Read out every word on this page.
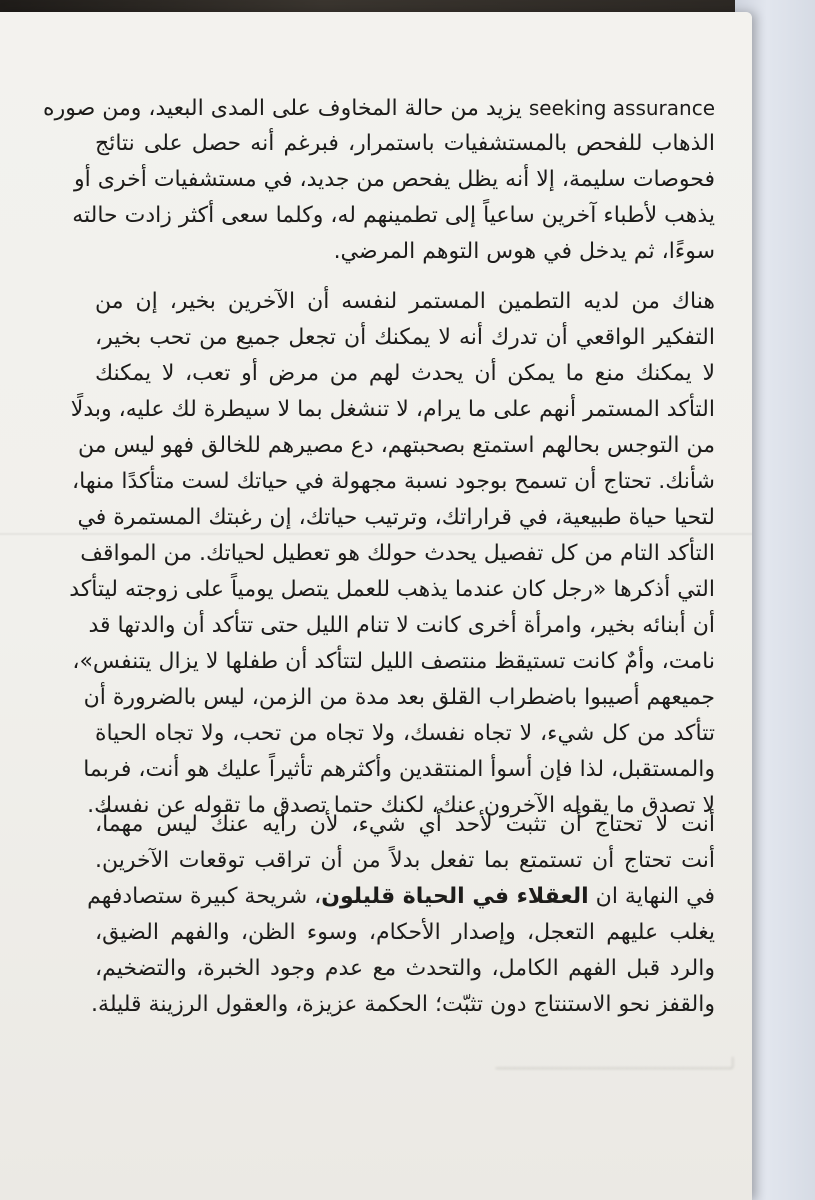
seeking assurance يزيد من حالة المخاوف على المدى البعيد، ومن صوره
الذهاب للفحص بالمستشفيات باستمرار، فبرغم أنه حصل على نتائج
فحوصات سليمة، إلا أنه يظل يفحص من جديد، في مستشفيات أخرى أو
يذهب لأطباء آخرين ساعياً إلى تطمينهم له، وكلما سعى أكثر زادت حالته
سوءًا، ثم يدخل في هوس التوهم المرضي.
هناك من لديه التطمين المستمر لنفسه أن الآخرين بخير، إن من
التفكير الواقعي أن تدرك أنه لا يمكنك أن تجعل جميع من تحب بخير،
لا يمكنك منع ما يمكن أن يحدث لهم من مرض أو تعب، لا يمكنك
التأكد المستمر أنهم على ما يرام، لا تنشغل بما لا سيطرة لك عليه، وبدلًا
من التوجس بحالهم استمتع بصحبتهم، دع مصيرهم للخالق فهو ليس من
شأنك. تحتاج أن تسمح بوجود نسبة مجهولة في حياتك لست متأكدًا منها،
لتحيا حياة طبيعية، في قراراتك، وترتيب حياتك، إن رغبتك المستمرة في
التأكد التام من كل تفصيل يحدث حولك هو تعطيل لحياتك. من المواقف
التي أذكرها «رجل كان عندما يذهب للعمل يتصل يومياً على زوجته ليتأكد
أن أبنائه بخير، وامرأة أخرى كانت لا تنام الليل حتى تتأكد أن والدتها قد
نامت، وأمٌ كانت تستيقظ منتصف الليل لتتأكد أن طفلها لا يزال يتنفس»،
جميعهم أصيبوا باضطراب القلق بعد مدة من الزمن، ليس بالضرورة أن
تتأكد من كل شيء، لا تجاه نفسك، ولا تجاه من تحب، ولا تجاه الحياة
والمستقبل، لذا فإن أسوأ المنتقدين وأكثرهم تأثيراً عليك هو أنت، فربما
لا تصدق ما يقوله الآخرون عنك، لكنك حتما تصدق ما تقوله عن نفسك.
أنت لا تحتاج أن تثبت لأحد أي شيء، لأن رأيه عنك ليس مهماً،
أنت تحتاج أن تستمتع بما تفعل بدلاً من أن تراقب توقعات الآخرين.
في النهاية ان العقلاء في الحياة قليلون، شريحة كبيرة ستصادفهم
يغلب عليهم التعجل، وإصدار الأحكام، وسوء الظن، والفهم الضيق،
والرد قبل الفهم الكامل، والتحدث مع عدم وجود الخبرة، والتضخيم،
والقفز نحو الاستنتاج دون تثبّت؛ الحكمة عزيزة، والعقول الرزينة قليلة.
لــــــــــــــــــــــــــــــــــــــــــــــــــ
